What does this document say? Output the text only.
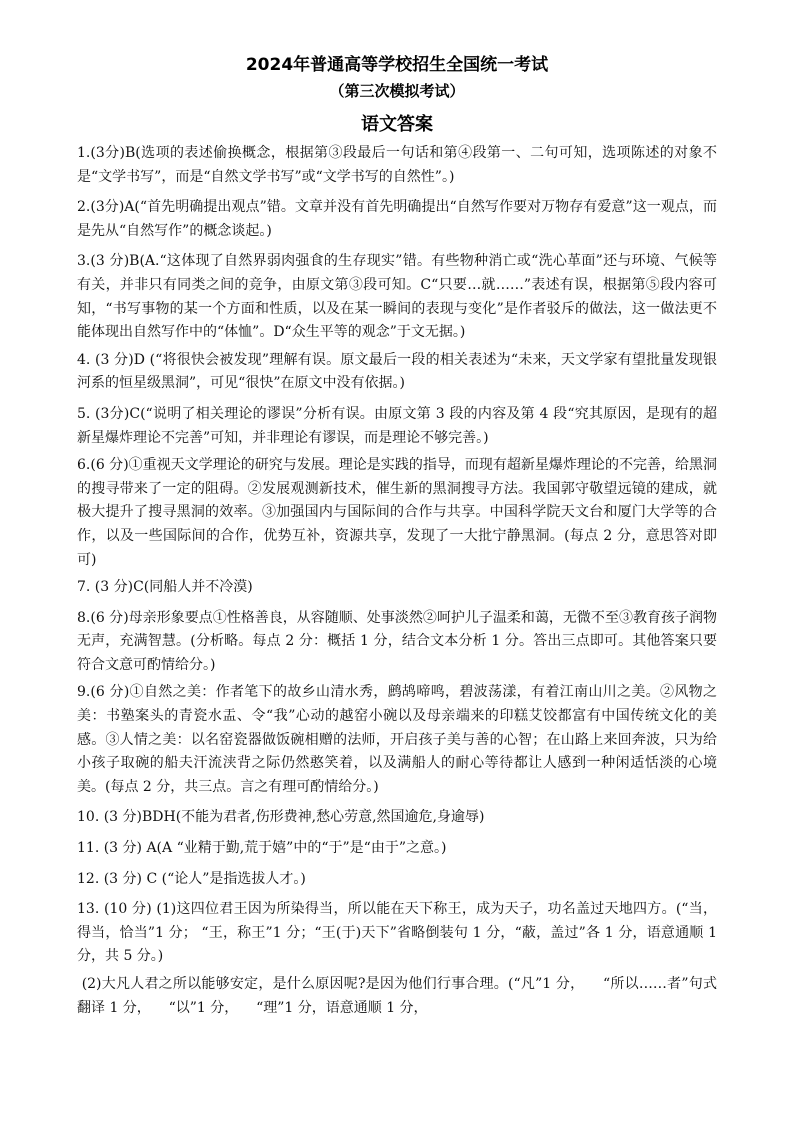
2024年普通高等学校招生全国统一考试
（第三次模拟考试）
语文答案

1.(3分)B(选项的表述偷换概念，根据第③段最后一句话和第④段第一、二句可知，选项陈述的对象不是“文学书写”，而是“自然文学书写”或“文学书写的自然性”。)

2.(3分)A(“首先明确提出观点”错。文章并没有首先明确提出“自然写作要对万物存有爱意”这一观点，而是先从“自然写作”的概念谈起。)

3.(3 分)B(A.“这体现了自然界弱肉强食的生存现实”错。有些物种消亡或“洗心革面”还与环境、气候等有关，并非只有同类之间的竞争，由原文第③段可知。C“只要…就……”表述有误，根据第⑤段内容可知，“书写事物的某一个方面和性质，以及在某一瞬间的表现与变化”是作者驳斥的做法，这一做法更不能体现出自然写作中的“体恤”。D“众生平等的观念”于文无据。)

4. (3 分)D (“将很快会被发现”理解有误。原文最后一段的相关表述为“未来，天文学家有望批量发现银河系的恒星级黑洞”，可见“很快”在原文中没有依据。)

5. (3分)C(“说明了相关理论的谬误”分析有误。由原文第 3 段的内容及第 4 段“究其原因，是现有的超新星爆炸理论不完善”可知，并非理论有谬误，而是理论不够完善。)

6.(6 分)①重视天文学理论的研究与发展。理论是实践的指导，而现有超新星爆炸理论的不完善，给黑洞的搜寻带来了一定的阻碍。②发展观测新技术，催生新的黑洞搜寻方法。我国郭守敬望远镜的建成，就极大提升了搜寻黑洞的效率。③加强国内与国际间的合作与共享。中国科学院天文台和厦门大学等的合作，以及一些国际间的合作，优势互补，资源共享，发现了一大批宁静黑洞。(每点 2 分，意思答对即可)

7. (3 分)C(同船人并不冷漠)

8.(6 分)母亲形象要点①性格善良，从容随顺、处事淡然②呵护儿子温柔和蔼，无微不至③教育孩子润物无声，充满智慧。(分析略。每点 2 分：概括 1 分，结合文本分析 1 分。答出三点即可。其他答案只要符合文意可酌情给分。)

9.(6 分)①自然之美：作者笔下的故乡山清水秀，鹧鸪啼鸣，碧波荡漾，有着江南山川之美。②风物之美：书塾案头的青瓷水盂、令“我”心动的越窑小碗以及母亲端来的印糕艾饺都富有中国传统文化的美感。③人情之美：以名窑瓷器做饭碗相赠的法师，开启孩子美与善的心智；在山路上来回奔波，只为给小孩子取碗的船夫汗流浃背之际仍然憨笑着，以及满船人的耐心等待都让人感到一种闲适恬淡的心境美。(每点 2 分，共三点。言之有理可酌情给分。)

10. (3 分)BDH(不能为君者,伤形费神,愁心劳意,然国逾危,身逾辱)

11. (3 分) A(A “业精于勤,荒于嬉”中的“于”是“由于”之意。)

12. (3 分) C (“论人”是指选拔人才。)

13. (10 分) (1)这四位君王因为所染得当，所以能在天下称王，成为天子，功名盖过天地四方。(“当，得当，恰当”1 分； “王，称王”1 分；“王(于)天下”省略倒装句 1 分，“蔽，盖过”各 1 分，语意通顺 1 分，共 5 分。)

(2)大凡人君之所以能够安定，是什么原因呢?是因为他们行事合理。(“凡”1 分，    “所以……者”句式翻译 1 分，    “以”1 分，    “理”1 分，语意通顺 1 分，
